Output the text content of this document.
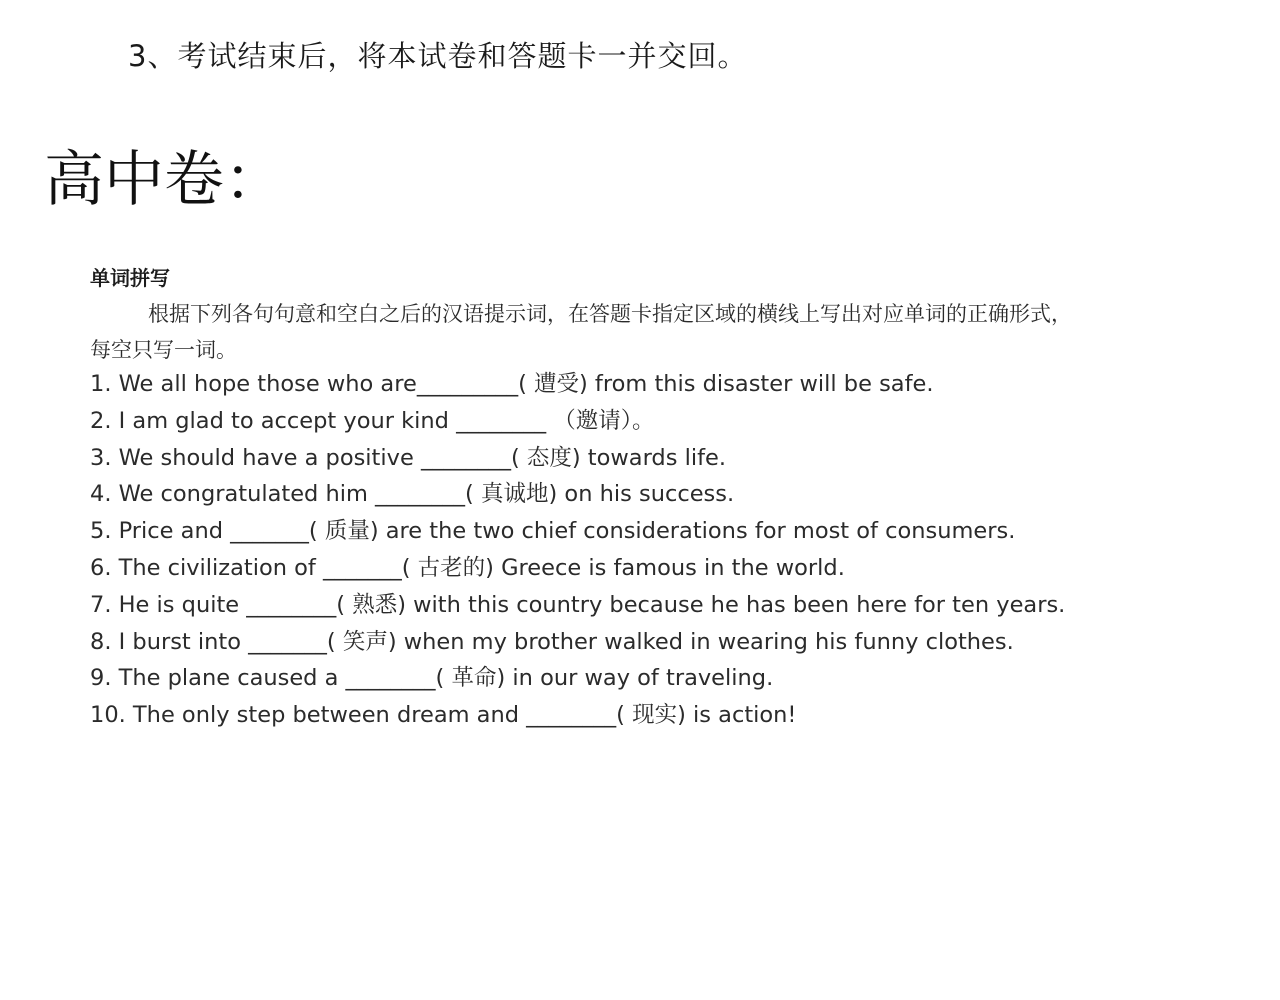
3、考试结束后，将本试卷和答题卡一并交回。
高中卷：
单词拼写
根据下列各句句意和空白之后的汉语提示词，在答题卡指定区域的横线上写出对应单词的正确形式，
每空只写一词。
1. We all hope those who are_________( 遭受) from this disaster will be safe.
2. I am glad to accept your kind ________ （邀请）。
3. We should have a positive ________( 态度) towards life.
4. We congratulated him ________( 真诚地) on his success.
5. Price and _______( 质量) are the two chief considerations for most of consumers.
6. The civilization of _______( 古老的) Greece is famous in the world.
7. He is quite ________( 熟悉) with this country because he has been here for ten years.
8. I burst into _______( 笑声) when my brother walked in wearing his funny clothes.
9. The plane caused a ________( 革命) in our way of traveling.
10. The only step between dream and ________( 现实) is action!
